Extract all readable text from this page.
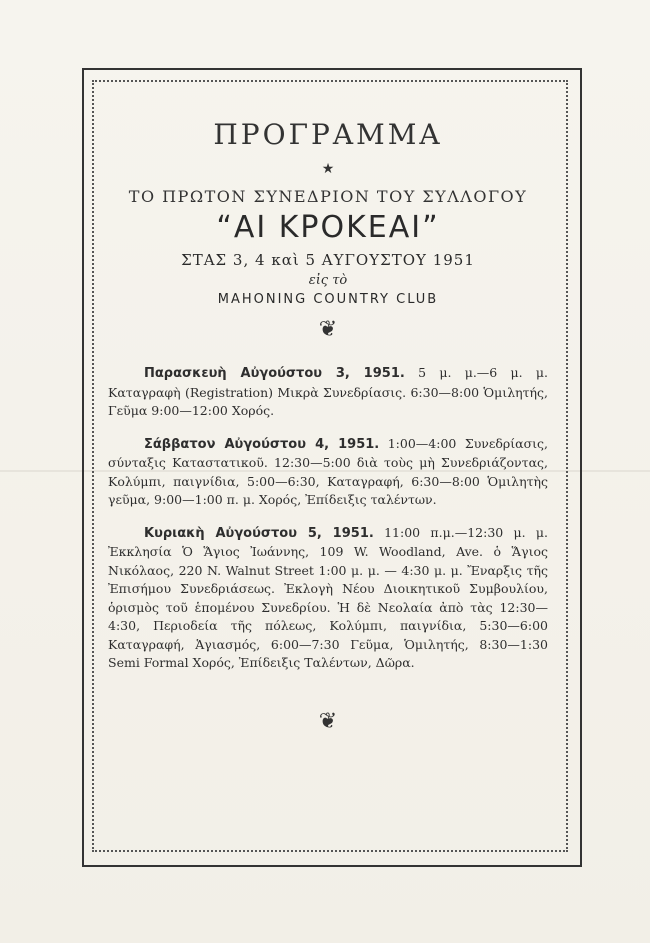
ΠΡΟΓΡΑΜΜΑ
★
ΤΟ ΠΡΩΤΟΝ ΣΥΝΕΔΡΙΟΝ ΤΟΥ ΣΥΛΛΟΓΟΥ
“ΑΙ ΚΡΟΚΕΑΙ”
ΣΤΑΣ 3, 4 καὶ 5 ΑΥΓΟΥΣΤΟΥ 1951
εἰς τὸ
MAHONING COUNTRY CLUB
❦

Παρασκευὴ Αὐγούστου 3, 1951. 5 μ. μ.—6 μ. μ. Καταγραφὴ (Registration) Μικρὰ Συνεδρίασις. 6:30—8:00 Ὁμιλητής, Γεῦμα 9:00—12:00 Χορός.

Σάββατον Αὐγούστου 4, 1951. 1:00—4:00 Συνεδρίασις, σύνταξις Καταστατικοῦ. 12:30—5:00 διὰ τοὺς μὴ Συνεδριάζοντας, Κολύμπι, παιγνίδια, 5:00—6:30, Καταγραφή, 6:30—8:00 Ὁμιλητὴς γεῦμα, 9:00—1:00 π. μ. Χορός, Ἐπίδειξις ταλέντων.

Κυριακὴ Αὐγούστου 5, 1951. 11:00 π.μ.—12:30 μ. μ. Ἐκκλησία Ὁ Ἅγιος Ἰωάννης, 109 W. Woodland, Ave. ὁ Ἅγιος Νικόλαος, 220 N. Walnut Street 1:00 μ. μ. — 4:30 μ. μ. Ἔναρξις τῆς Ἐπισήμου Συνεδριάσεως. Ἐκλογὴ Νέου Διοικητικοῦ Συμβουλίου, ὁρισμὸς τοῦ ἑπομένου Συνεδρίου. Ἡ δὲ Νεολαία ἀπὸ τὰς 12:30—4:30, Περιοδεία τῆς πόλεως, Κολύμπι, παιγνίδια, 5:30—6:00 Καταγραφή, Ἁγιασμός, 6:00—7:30 Γεῦμα, Ὁμιλητής, 8:30—1:30 Semi Formal Χορός, Ἐπίδειξις Ταλέντων, Δῶρα.

❦
